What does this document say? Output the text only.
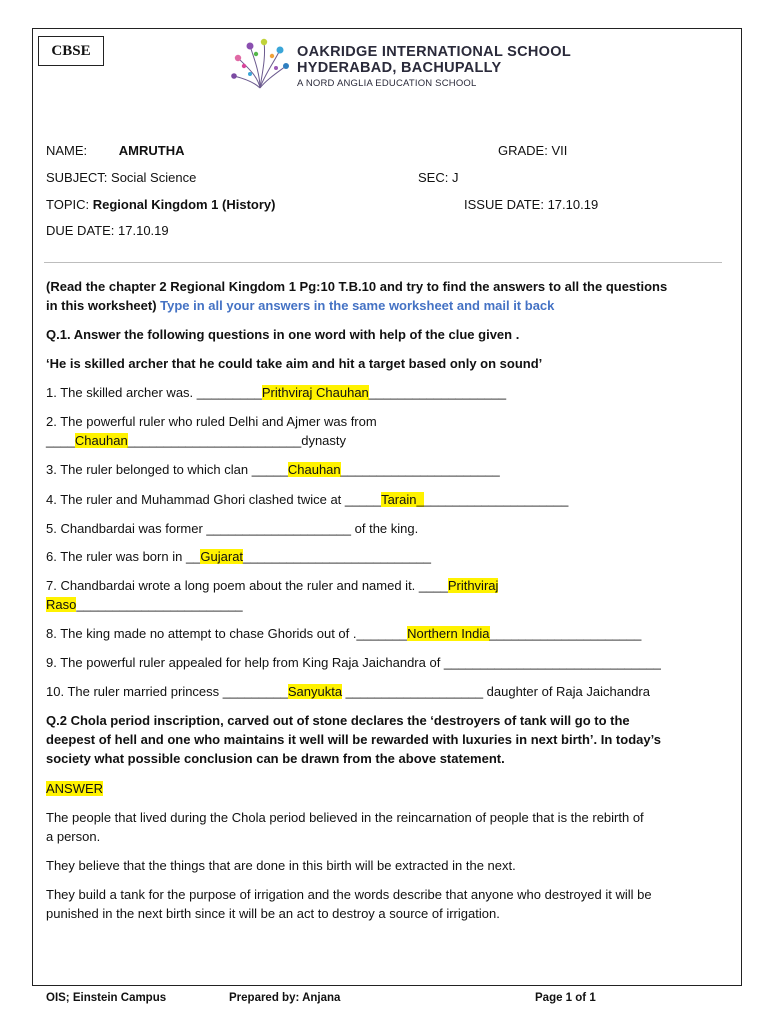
CBSE	OAKRIDGE INTERNATIONAL SCHOOL
HYDERABAD, BACHUPALLY
A NORD ANGLIA EDUCATION SCHOOL
NAME: AMRUTHA	GRADE: VII
SUBJECT: Social Science	SEC: J
TOPIC: Regional Kingdom 1 (History)	ISSUE DATE: 17.10.19
DUE DATE: 17.10.19
(Read the chapter 2 Regional Kingdom 1 Pg:10 T.B.10 and try to find the answers to all the questions
in this worksheet) Type in all your answers in the same worksheet and mail it back
Q.1. Answer the following questions in one word with help of the clue given .
‘He is skilled archer that he could take aim and hit a target based only on sound’
1. The skilled archer was. _________Prithviraj Chauhan___________________
2. The powerful ruler who ruled Delhi and Ajmer was from
____Chauhan________________________dynasty
3. The ruler belonged to which clan _____Chauhan______________________
4. The ruler and Muhammad Ghori clashed twice at _____Tarain_____________________
5. Chandbardai was former ____________________ of the king.
6. The ruler was born in __Gujarat__________________________
7. Chandbardai wrote a long poem about the ruler and named it. ____Prithviraj
Raso_______________________
8. The king made no attempt to chase Ghorids out of ._______Northern India_____________________
9. The powerful ruler appealed for help from King Raja Jaichandra of ______________________________
10. The ruler married princess _________Sanyukta ___________________ daughter of Raja Jaichandra
Q.2 Chola period inscription, carved out of stone declares the ‘destroyers of tank will go to the
deepest of hell and one who maintains it well will be rewarded with luxuries in next birth’. In today’s
society what possible conclusion can be drawn from the above statement.
ANSWER
The people that lived during the Chola period believed in the reincarnation of people that is the rebirth of
a person.
They believe that the things that are done in this birth will be extracted in the next.
They build a tank for the purpose of irrigation and the words describe that anyone who destroyed it will be
punished in the next birth since it will be an act to destroy a source of irrigation.
OIS; Einstein Campus	Prepared by: Anjana	Page 1 of 1
